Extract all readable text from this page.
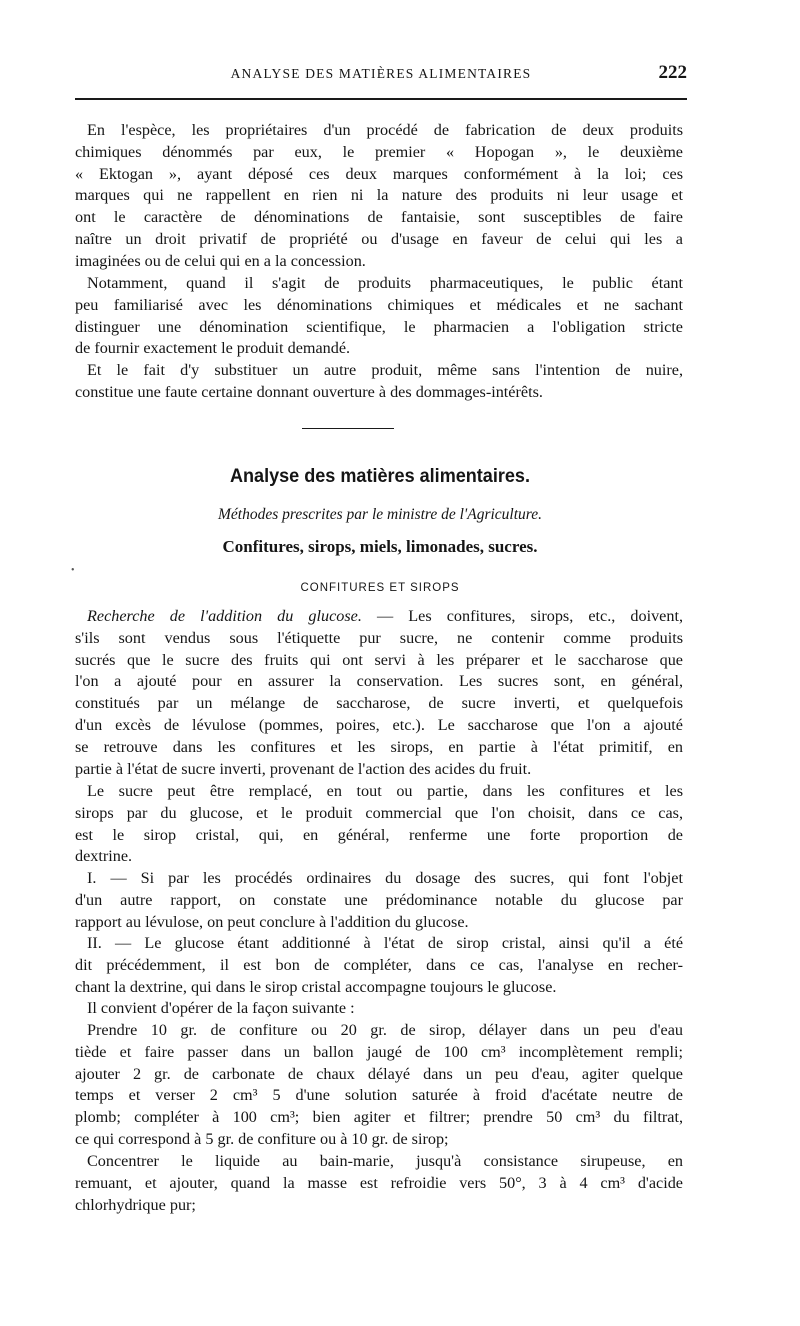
ANALYSE DES MATIÈRES ALIMENTAIRES	222
En l'espèce, les propriétaires d'un procédé de fabrication de deux produits
chimiques dénommés par eux, le premier « Hopogan », le deuxième
« Ektogan », ayant déposé ces deux marques conformément à la loi; ces
marques qui ne rappellent en rien ni la nature des produits ni leur usage et
ont le caractère de dénominations de fantaisie, sont susceptibles de faire
naître un droit privatif de propriété ou d'usage en faveur de celui qui les a
imaginées ou de celui qui en a la concession.
Notamment, quand il s'agit de produits pharmaceutiques, le public étant
peu familiarisé avec les dénominations chimiques et médicales et ne sachant
distinguer une dénomination scientifique, le pharmacien a l'obligation stricte
de fournir exactement le produit demandé.
Et le fait d'y substituer un autre produit, même sans l'intention de nuire,
constitue une faute certaine donnant ouverture à des dommages-intérêts.
Analyse des matières alimentaires.
Méthodes prescrites par le ministre de l'Agriculture.
Confitures, sirops, miels, limonades, sucres.
•
CONFITURES ET SIROPS
Recherche de l'addition du glucose. — Les confitures, sirops, etc., doivent,
s'ils sont vendus sous l'étiquette pur sucre, ne contenir comme produits
sucrés que le sucre des fruits qui ont servi à les préparer et le saccharose que
l'on a ajouté pour en assurer la conservation. Les sucres sont, en général,
constitués par un mélange de saccharose, de sucre inverti, et quelquefois
d'un excès de lévulose (pommes, poires, etc.). Le saccharose que l'on a ajouté
se retrouve dans les confitures et les sirops, en partie à l'état primitif, en
partie à l'état de sucre inverti, provenant de l'action des acides du fruit.
Le sucre peut être remplacé, en tout ou partie, dans les confitures et les
sirops par du glucose, et le produit commercial que l'on choisit, dans ce cas,
est le sirop cristal, qui, en général, renferme une forte proportion de
dextrine.
I. — Si par les procédés ordinaires du dosage des sucres, qui font l'objet
d'un autre rapport, on constate une prédominance notable du glucose par
rapport au lévulose, on peut conclure à l'addition du glucose.
II. — Le glucose étant additionné à l'état de sirop cristal, ainsi qu'il a été
dit précédemment, il est bon de compléter, dans ce cas, l'analyse en recher-
chant la dextrine, qui dans le sirop cristal accompagne toujours le glucose.
Il convient d'opérer de la façon suivante :
Prendre 10 gr. de confiture ou 20 gr. de sirop, délayer dans un peu d'eau
tiède et faire passer dans un ballon jaugé de 100 cm³ incomplètement rempli;
ajouter 2 gr. de carbonate de chaux délayé dans un peu d'eau, agiter quelque
temps et verser 2 cm³ 5 d'une solution saturée à froid d'acétate neutre de
plomb; compléter à 100 cm³; bien agiter et filtrer; prendre 50 cm³ du filtrat,
ce qui correspond à 5 gr. de confiture ou à 10 gr. de sirop;
Concentrer le liquide au bain-marie, jusqu'à consistance sirupeuse, en
remuant, et ajouter, quand la masse est refroidie vers 50°, 3 à 4 cm³ d'acide
chlorhydrique pur;
